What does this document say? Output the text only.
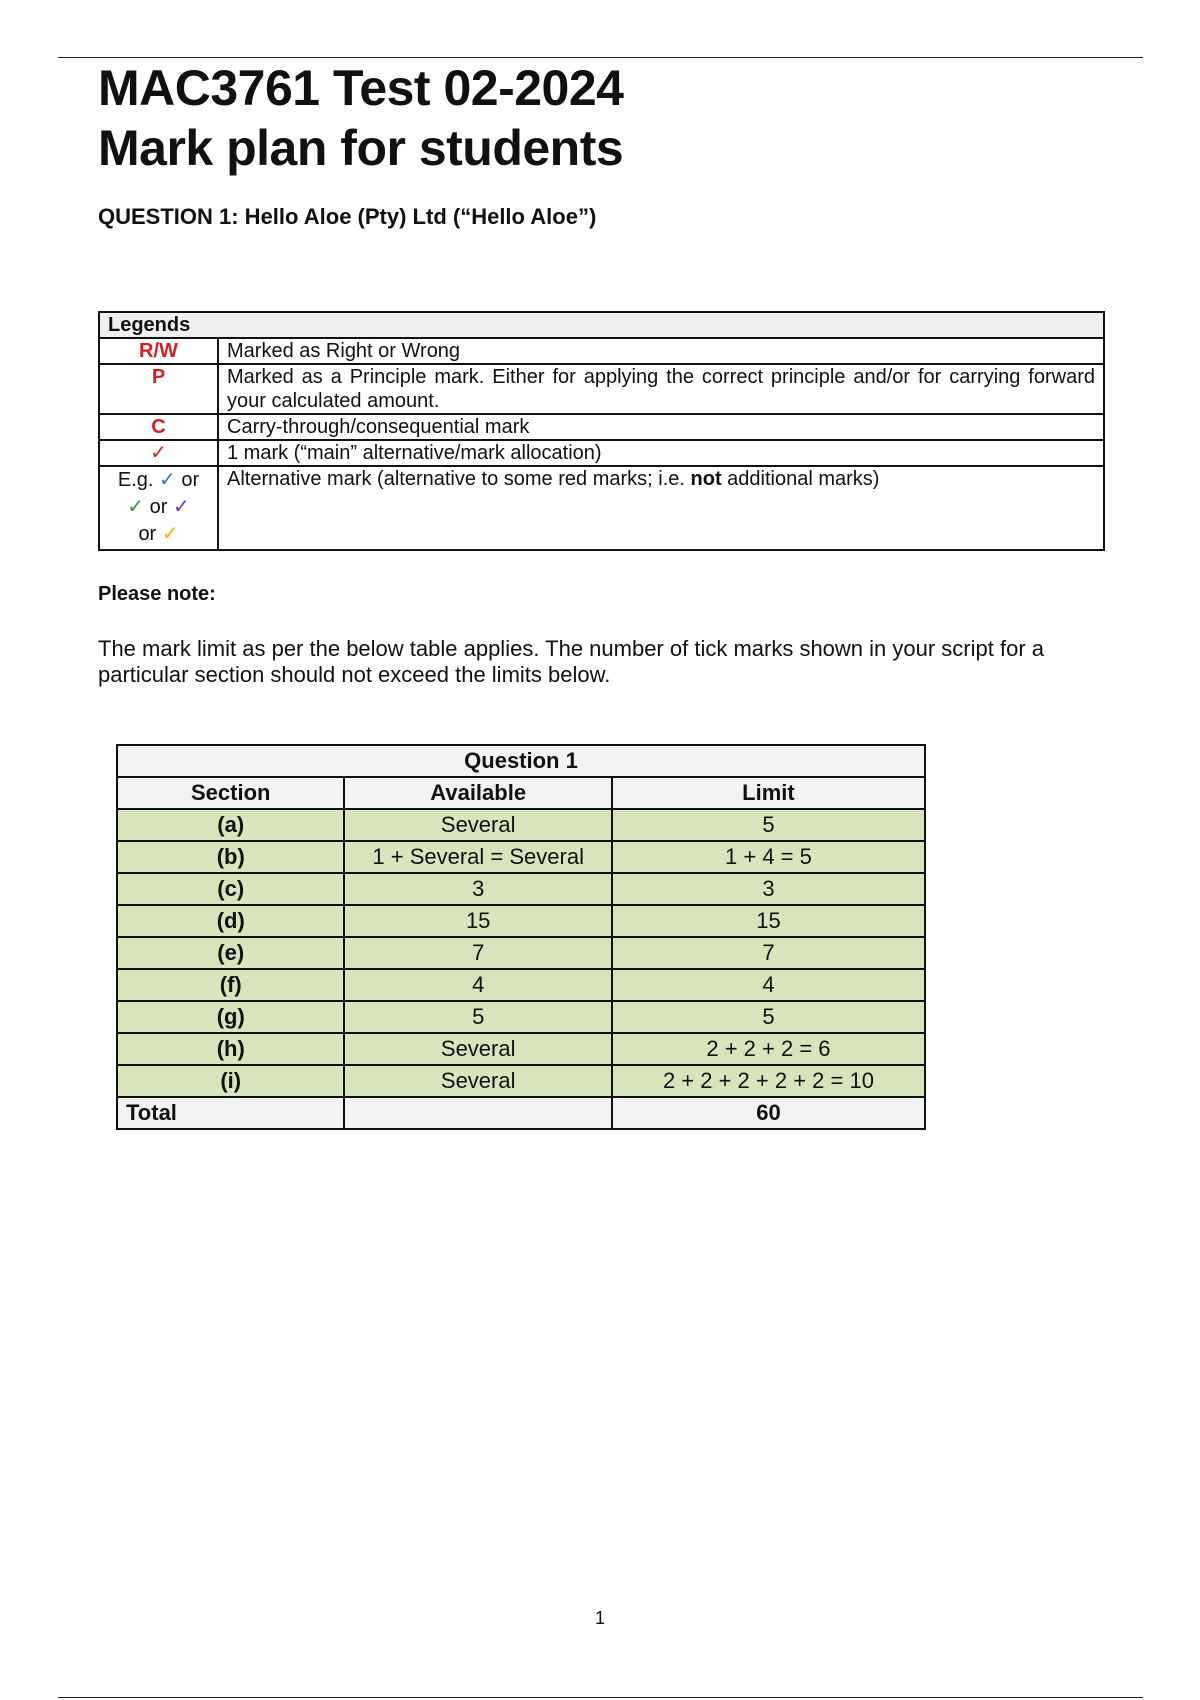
MAC3761 Test 02-2024
Mark plan for students

QUESTION 1: Hello Aloe (Pty) Ltd (“Hello Aloe”)

Legends	
R/W	Marked as Right or Wrong
P	Marked as a Principle mark. Either for applying the correct principle and/or for carrying forward your calculated amount.
C	Carry-through/consequential mark
✓	1 mark (“main” alternative/mark allocation)
E.g. ✓ or
✓ or ✓
or ✓	Alternative mark (alternative to some red marks; i.e. not additional marks)

Please note:

The mark limit as per the below table applies. The number of tick marks shown in your script for a particular section should not exceed the limits below.

Question 1		
Section	Available	Limit
(a)	Several	5
(b)	1 + Several = Several	1 + 4 = 5
(c)	3	3
(d)	15	15
(e)	7	7
(f)	4	4
(g)	5	5
(h)	Several	2 + 2 + 2 = 6
(i)	Several	2 + 2 + 2 + 2 + 2 = 10
Total		60
1
